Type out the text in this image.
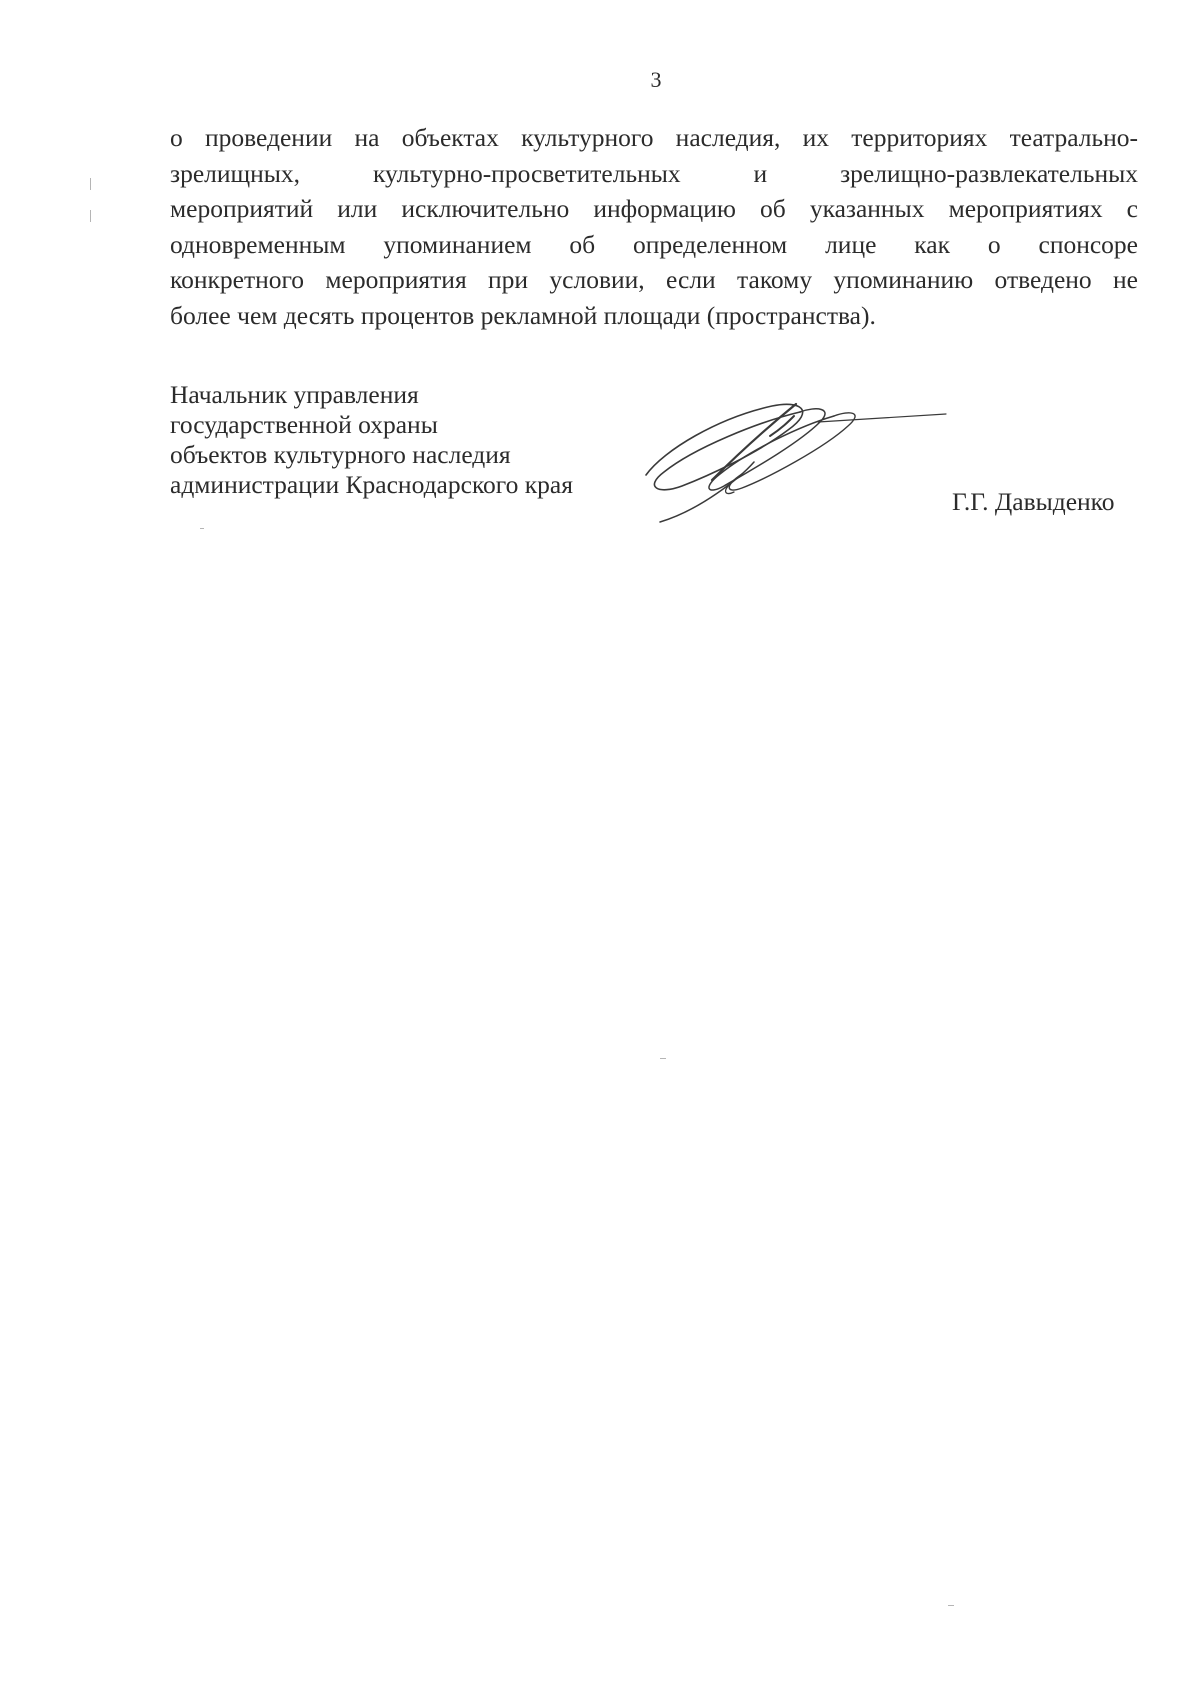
3

о проведении на объектах культурного наследия, их территориях театрально-
зрелищных, культурно-просветительных и зрелищно-развлекательных
мероприятий или исключительно информацию об указанных мероприятиях с
одновременным упоминанием об определенном лице как о спонсоре
конкретного мероприятия при условии, если такому упоминанию отведено не
более чем десять процентов рекламной площади (пространства).

Начальник управления
государственной охраны
объектов культурного наследия
администрации Краснодарского края
Г.Г. Давыденко
